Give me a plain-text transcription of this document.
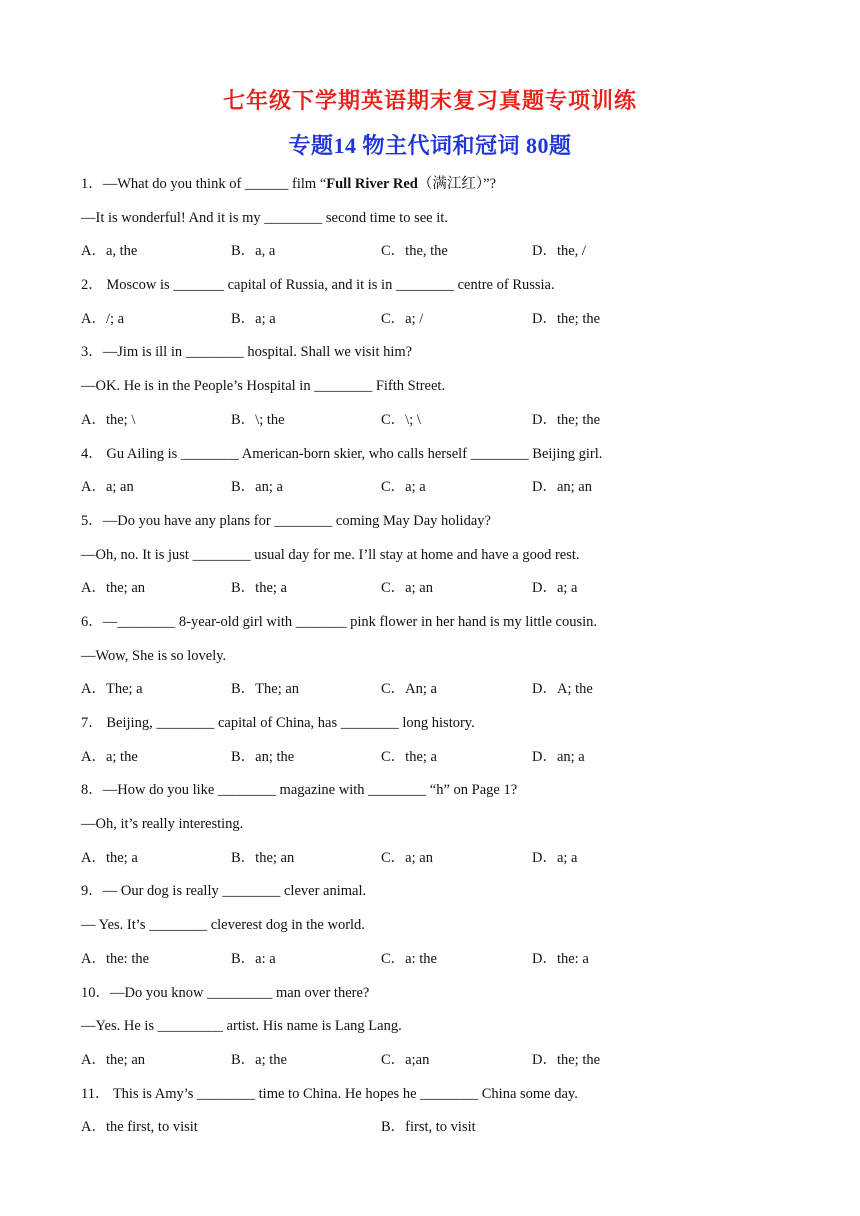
七年级下学期英语期末复习真题专项训练
专题14 物主代词和冠词 80题
1．—What do you think of ______ film “Full River Red（满江红）”?
—It is wonderful! And it is my ________ second time to see it.
A．a, the	B．a, a	C．the, the	D．the, /
2． Moscow is _______ capital of Russia, and it is in ________ centre of Russia.
A．/; a	B．a; a	C．a; /	D．the; the
3．—Jim is ill in ________ hospital. Shall we visit him?
—OK. He is in the People’s Hospital in ________ Fifth Street.
A．the; \	B．\; the	C．\; \	D．the; the
4． Gu Ailing is ________ American-born skier, who calls herself ________ Beijing girl.
A．a; an	B．an; a	C．a; a	D．an; an
5．—Do you have any plans for ________ coming May Day holiday?
—Oh, no. It is just ________ usual day for me. I’ll stay at home and have a good rest.
A．the; an	B．the; a	C．a; an	D．a; a
6．—________ 8-year-old girl with _______ pink flower in her hand is my little cousin.
—Wow, She is so lovely.
A．The; a	B．The; an	C．An; a	D．A; the
7． Beijing, ________ capital of China, has ________ long history.
A．a; the	B．an; the	C．the; a	D．an; a
8．—How do you like ________ magazine with ________ “h” on Page 1?
—Oh, it’s really interesting.
A．the; a	B．the; an	C．a; an	D．a; a
9．— Our dog is really ________ clever animal.
— Yes. It’s ________ cleverest dog in the world.
A．the: the	B．a: a	C．a: the	D．the: a
10．—Do you know _________ man over there?
—Yes. He is _________ artist. His name is Lang Lang.
A．the; an	B．a; the	C．a;an	D．the; the
11． This is Amy’s ________ time to China. He hopes he ________ China some day.
A．the first, to visit	B．first, to visit
